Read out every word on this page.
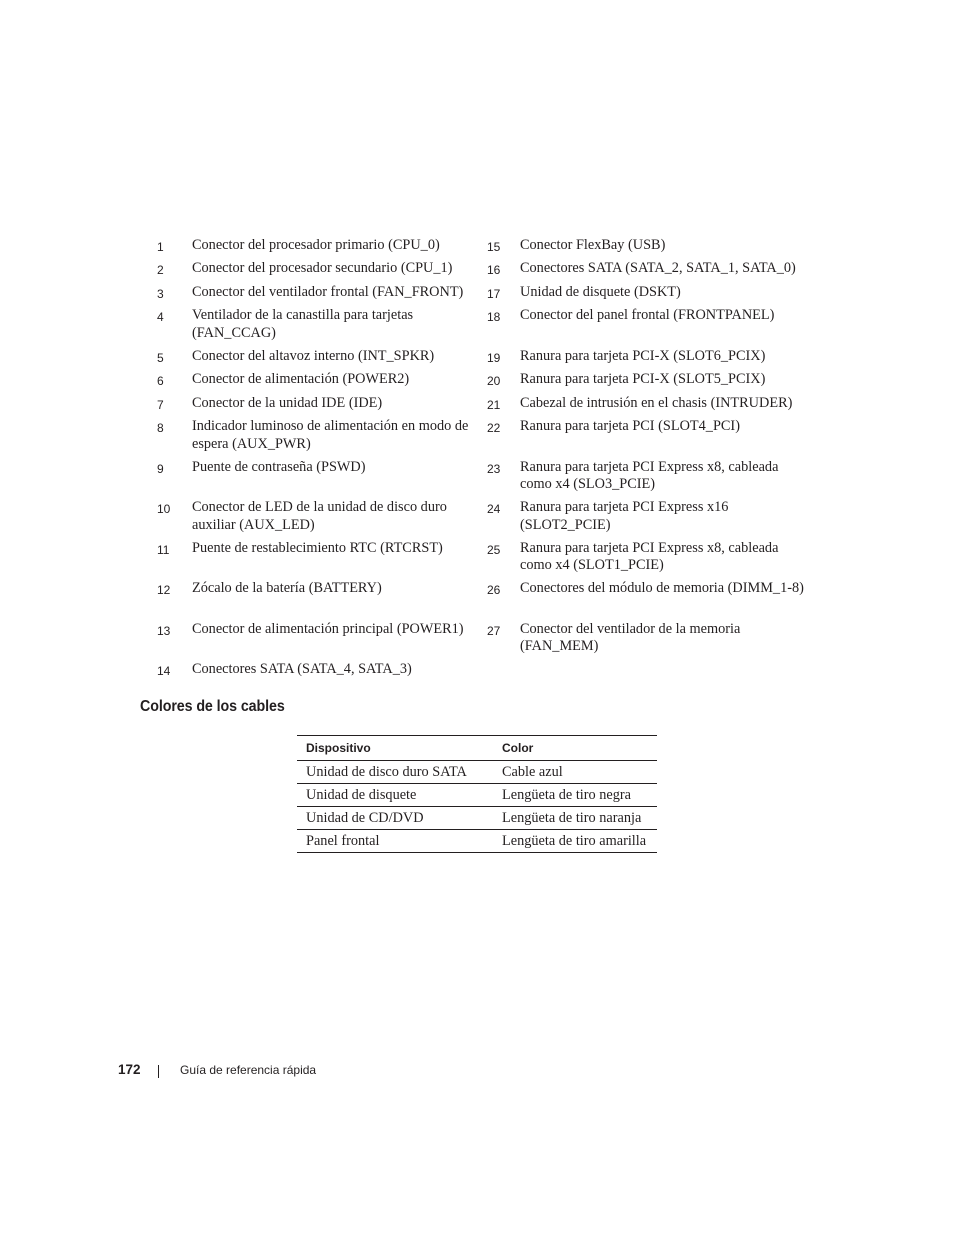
1 Conector del procesador primario (CPU_0)	15 Conector FlexBay (USB)
2 Conector del procesador secundario (CPU_1)	16 Conectores SATA (SATA_2, SATA_1, SATA_0)
3 Conector del ventilador frontal (FAN_FRONT)	17 Unidad de disquete (DSKT)
4 Ventilador de la canastilla para tarjetas (FAN_CCAG)
18 Conector del panel frontal (FRONTPANEL)
5 Conector del altavoz interno (INT_SPKR)	19 Ranura para tarjeta PCI-X (SLOT6_PCIX)
6 Conector de alimentación (POWER2)	20 Ranura para tarjeta PCI-X (SLOT5_PCIX)
7 Conector de la unidad IDE (IDE)	21 Cabezal de intrusión en el chasis (INTRUDER)
8 Indicador luminoso de alimentación en modo de espera (AUX_PWR)
22 Ranura para tarjeta PCI (SLOT4_PCI)
9 Puente de contraseña (PSWD)	23 Ranura para tarjeta PCI Express x8, cableada como x4 (SLO3_PCIE)
10 Conector de LED de la unidad de disco duro auxiliar (AUX_LED)
24 Ranura para tarjeta PCI Express x16 (SLOT2_PCIE)
11 Puente de restablecimiento RTC (RTCRST)	25 Ranura para tarjeta PCI Express x8, cableada como x4 (SLOT1_PCIE)
12 Zócalo de la batería (BATTERY)	26 Conectores del módulo de memoria (DIMM_1-8)
13 Conector de alimentación principal (POWER1)	27 Conector del ventilador de la memoria (FAN_MEM)
14 Conectores SATA (SATA_4, SATA_3)
Colores de los cables
Dispositivo	Color
Unidad de disco duro SATA	Cable azul
Unidad de disquete	Lengüeta de tiro negra
Unidad de CD/DVD	Lengüeta de tiro naranja
Panel frontal	Lengüeta de tiro amarilla
172	Guía de referencia rápida
